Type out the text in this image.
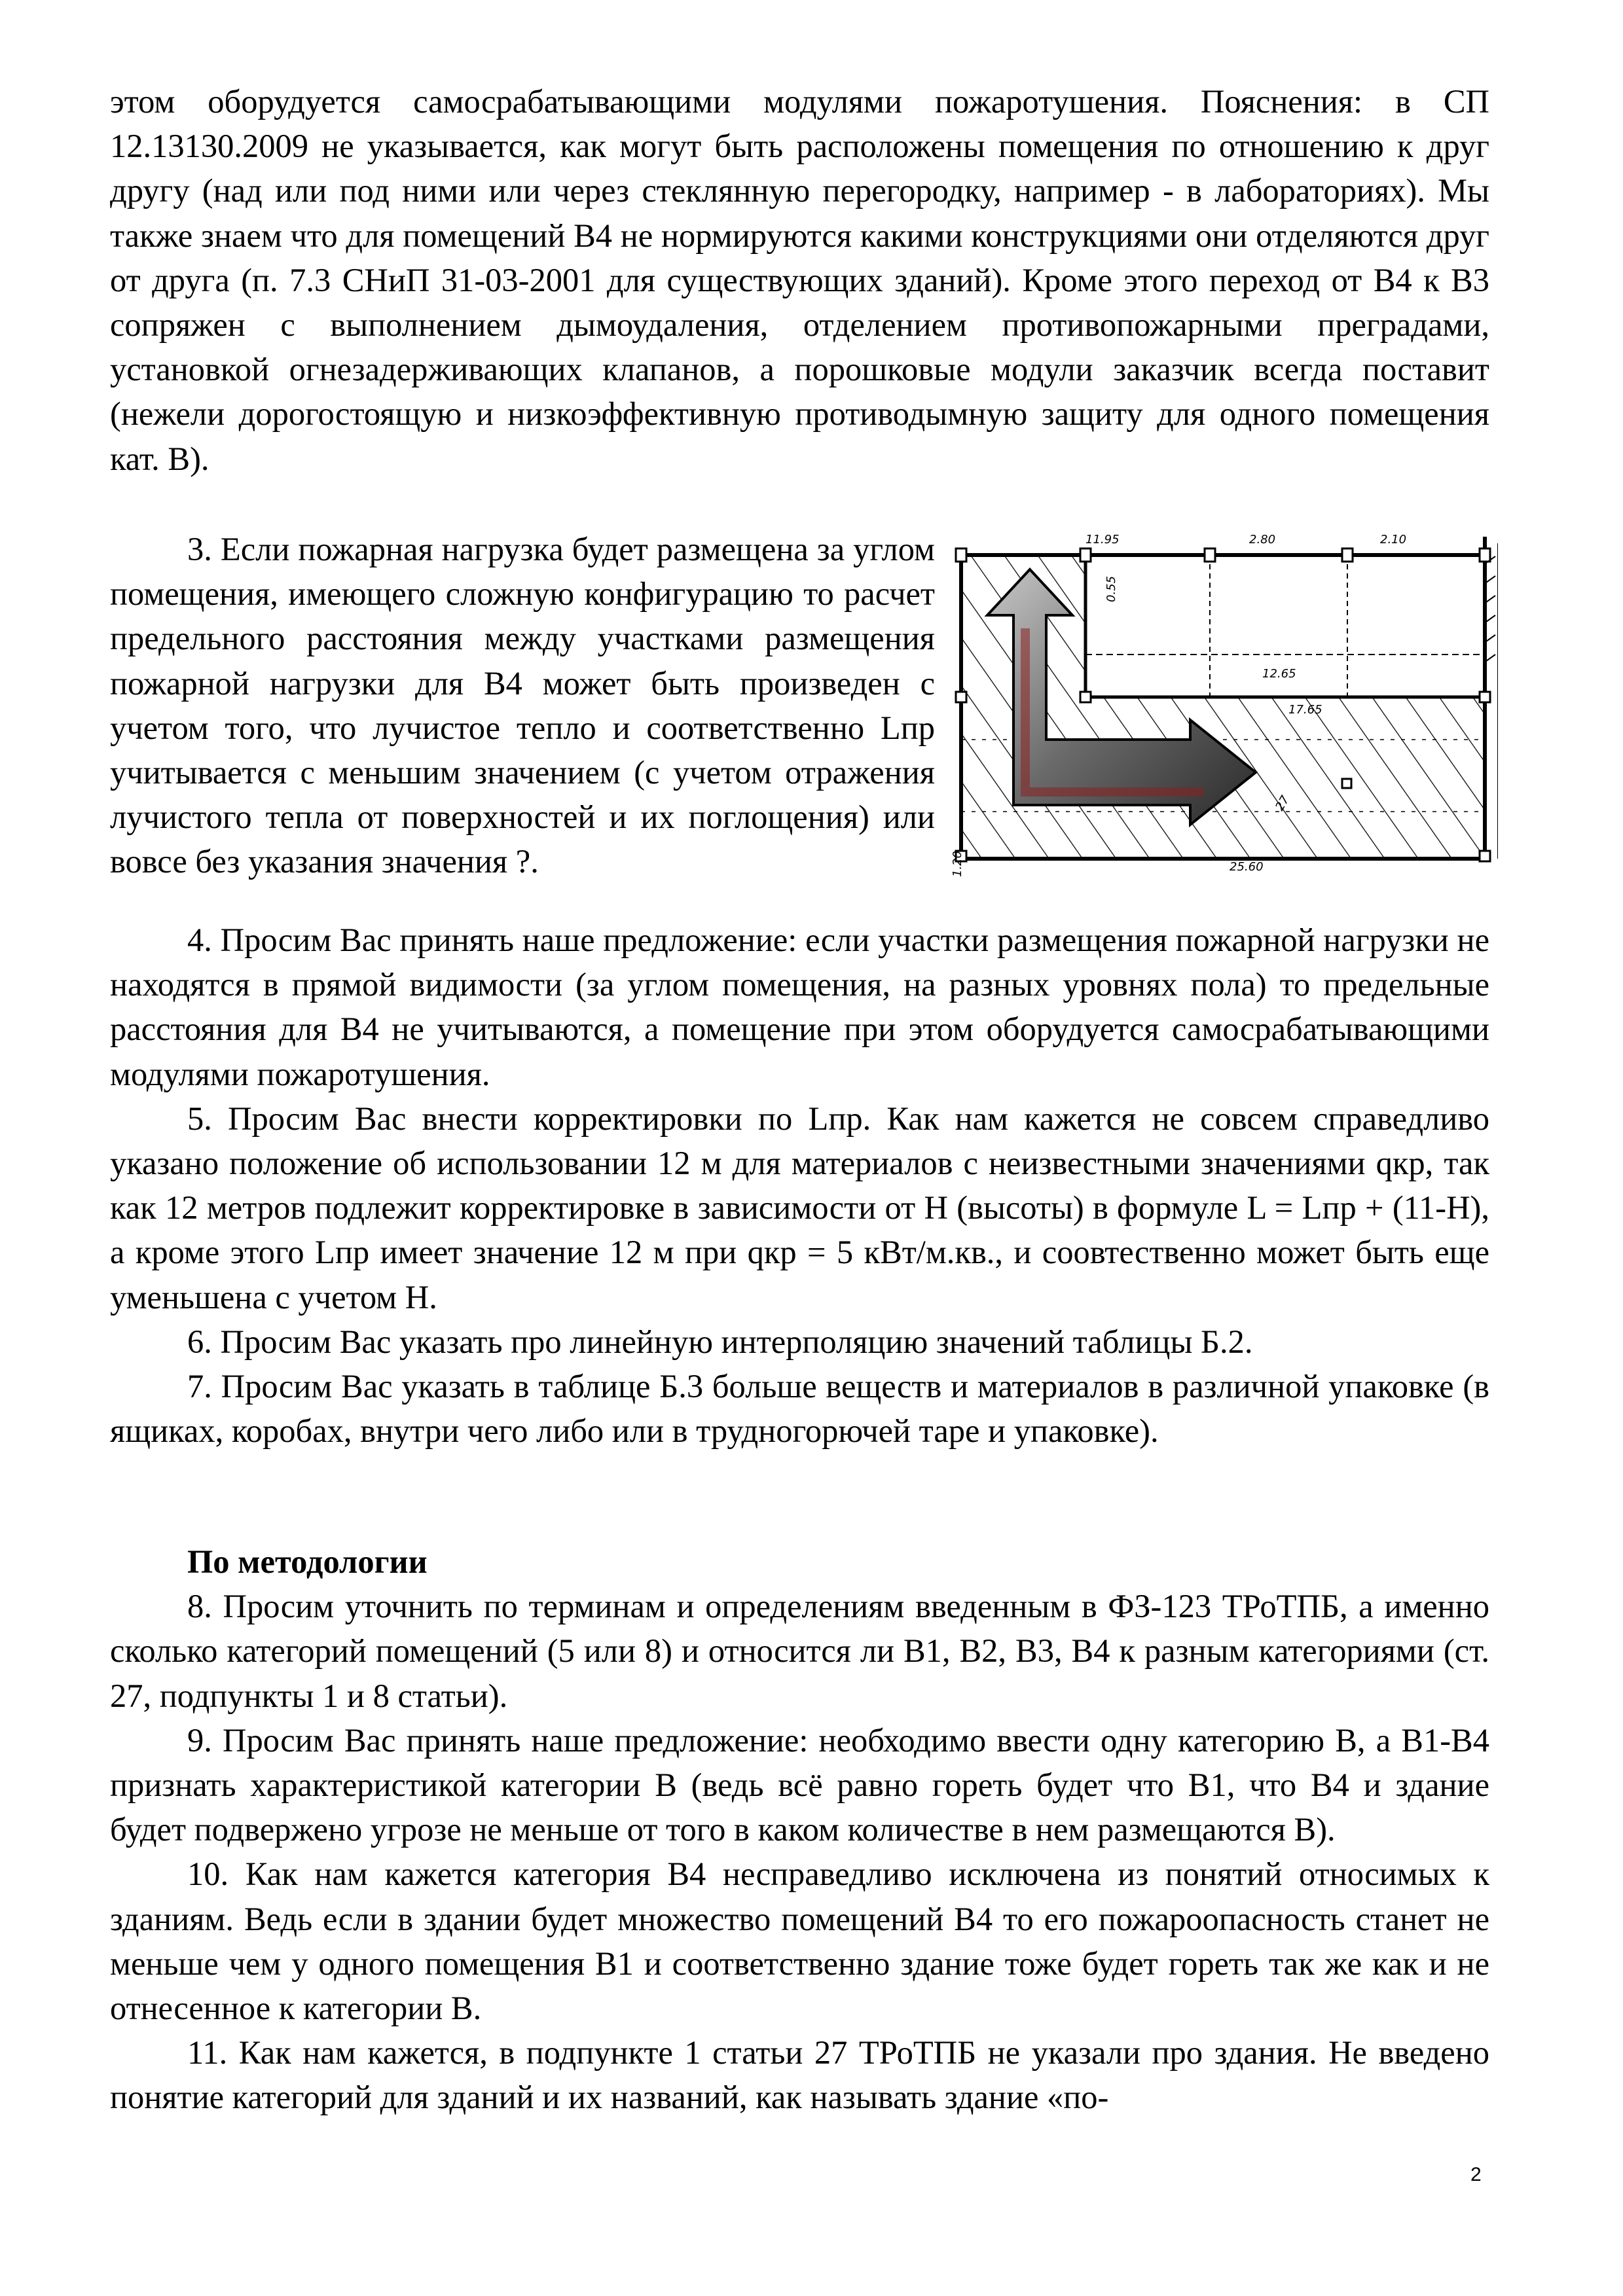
этом оборудуется самосрабатывающими модулями пожаротушения. Пояснения: в СП 12.13130.2009 не указывается, как могут быть расположены помещения по отношению к друг другу (над или под ними или через стеклянную перегородку, например - в лабораториях). Мы также знаем что для помещений В4 не нормируются какими конструкциями они отделяются друг от друга (п. 7.3 СНиП 31-03-2001 для существующих зданий). Кроме этого переход от В4 к В3 сопряжен с выполнением дымоудаления, отделением противопожарными преградами, установкой огнезадерживающих клапанов, а порошковые модули заказчик всегда поставит (нежели дорогостоящую и низкоэффективную противодымную защиту для одного помещения кат. В).

3. Если пожарная нагрузка будет размещена за углом помещения, имеющего сложную конфигурацию то расчет предельного расстояния между участками размещения пожарной нагрузки для В4 может быть произведен с учетом того, что лучистое тепло и соответственно Lпр учитывается с меньшим значением (с учетом отражения лучистого тепла от поверхностей и их поглощения) или вовсе без указания значения ?.

11.95	2.80	2.10
12.65
17.65
25.60
0.55
1.20
27

4. Просим Вас принять наше предложение: если участки размещения пожарной нагрузки не находятся в прямой видимости (за углом помещения, на разных уровнях пола) то предельные расстояния для В4 не учитываются, а помещение при этом оборудуется самосрабатывающими модулями пожаротушения.

5. Просим Вас внести корректировки по Lпр. Как нам кажется не совсем справедливо указано положение об использовании 12 м для материалов с неизвестными значениями qкр, так как 12 метров подлежит корректировке в зависимости от Н (высоты) в формуле L = Lпр + (11-Н), а кроме этого Lпр имеет значение 12 м при qкр = 5 кВт/м.кв., и соовтественно может быть еще уменьшена с учетом Н.

6. Просим Вас указать про линейную интерполяцию значений таблицы Б.2.

7. Просим Вас указать в таблице Б.3 больше веществ и материалов в различной упаковке (в ящиках, коробах, внутри чего либо или в трудногорючей таре и упаковке).

По методологии

8. Просим уточнить по терминам и определениям введенным в ФЗ-123 ТРоТПБ, а именно сколько категорий помещений (5 или 8) и относится ли В1, В2, В3, В4 к разным категориями (ст. 27, подпункты 1 и 8 статьи).

9. Просим Вас принять наше предложение: необходимо ввести одну категорию В, а В1-В4 признать характеристикой категории В (ведь всё равно гореть будет что В1, что В4 и здание будет подвержено угрозе не меньше от того в каком количестве в нем размещаются В).

10. Как нам кажется категория В4 несправедливо исключена из понятий относимых к зданиям. Ведь если в здании будет множество помещений В4 то его пожароопасность станет не меньше чем у одного помещения В1 и соответственно здание тоже будет гореть так же как и не отнесенное к категории В.

11. Как нам кажется, в подпункте 1 статьи 27 ТРоТПБ не указали про здания. Не введено понятие категорий для зданий и их названий, как называть здание «по-

2
